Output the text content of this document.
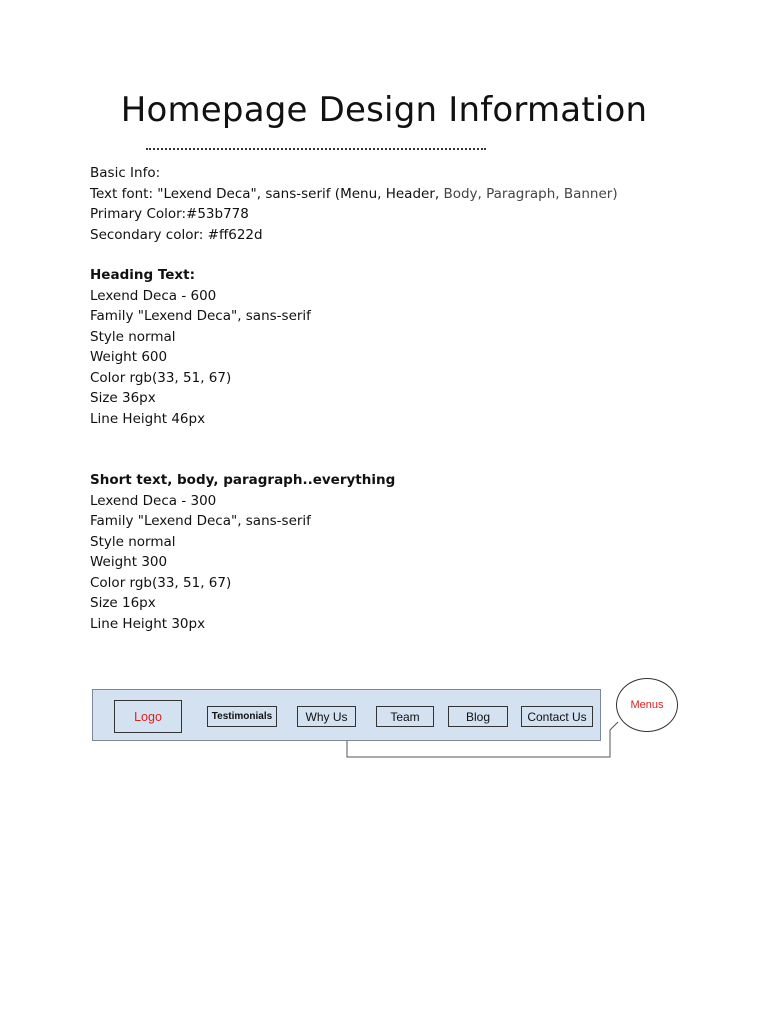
Homepage Design Information

Basic Info:

Text font: "Lexend Deca", sans-serif (Menu, Header, Body, Paragraph, Banner)

Primary Color:#53b778

Secondary color: #ff622d

Heading Text:

Lexend Deca - 600

Family "Lexend Deca", sans-serif

Style normal

Weight 600

Color rgb(33, 51, 67)

Size 36px

Line Height 46px

Short text, body, paragraph..everything

Lexend Deca - 300

Family "Lexend Deca", sans-serif

Style normal

Weight 300

Color rgb(33, 51, 67)

Size 16px

Line Height 30px

Logo	Testimonials	Why Us	Team	Blog	Contact Us
Menus
